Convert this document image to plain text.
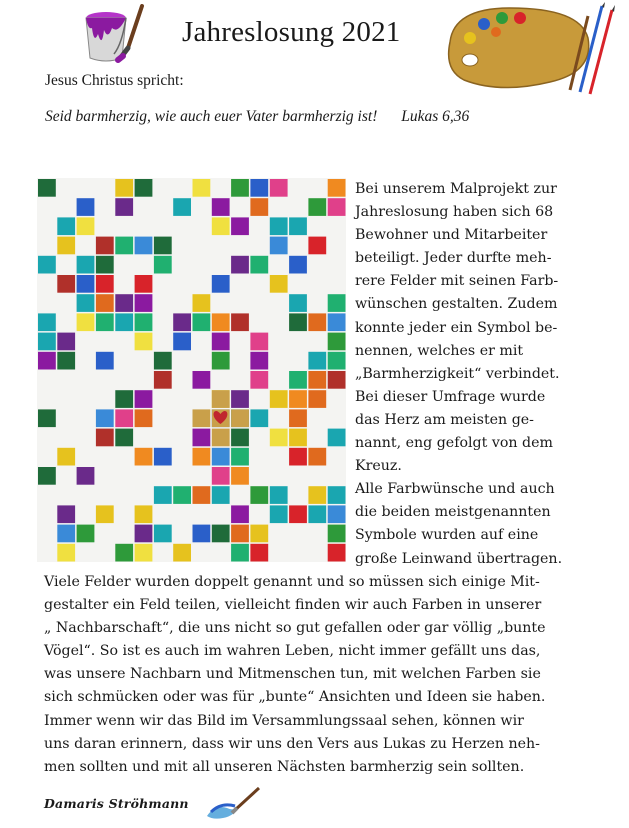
Jahreslosung 2021
Jesus Christus spricht:
Seid barmherzig, wie auch euer Vater barmherzig ist! Lukas 6,36

Bei unserem Malprojekt zur

Jahreslosung haben sich 68

Bewohner und Mitarbeiter

beteiligt. Jeder durfte meh-

rere Felder mit seinen Farb-

wünschen gestalten. Zudem

konnte jeder ein Symbol be-

nennen, welches er mit

„Barmherzigkeit“ verbindet.

Bei dieser Umfrage wurde

das Herz am meisten ge-

nannt, eng gefolgt von dem

Kreuz.

Alle Farbwünsche und auch

die beiden meistgenannten

Symbole wurden auf eine

große Leinwand übertragen.

Viele Felder wurden doppelt genannt und so müssen sich einige Mit-

gestalter ein Feld teilen, vielleicht finden wir auch Farben in unserer

„ Nachbarschaft“, die uns nicht so gut gefallen oder gar völlig „bunte

Vögel“. So ist es auch im wahren Leben, nicht immer gefällt uns das,

was unsere Nachbarn und Mitmenschen tun, mit welchen Farben sie

sich schmücken oder was für „bunte“ Ansichten und Ideen sie haben.

Immer wenn wir das Bild im Versammlungssaal sehen, können wir

uns daran erinnern, dass wir uns den Vers aus Lukas zu Herzen neh-

men sollten und mit all unseren Nächsten barmherzig sein sollten.

Damaris Ströhmann
